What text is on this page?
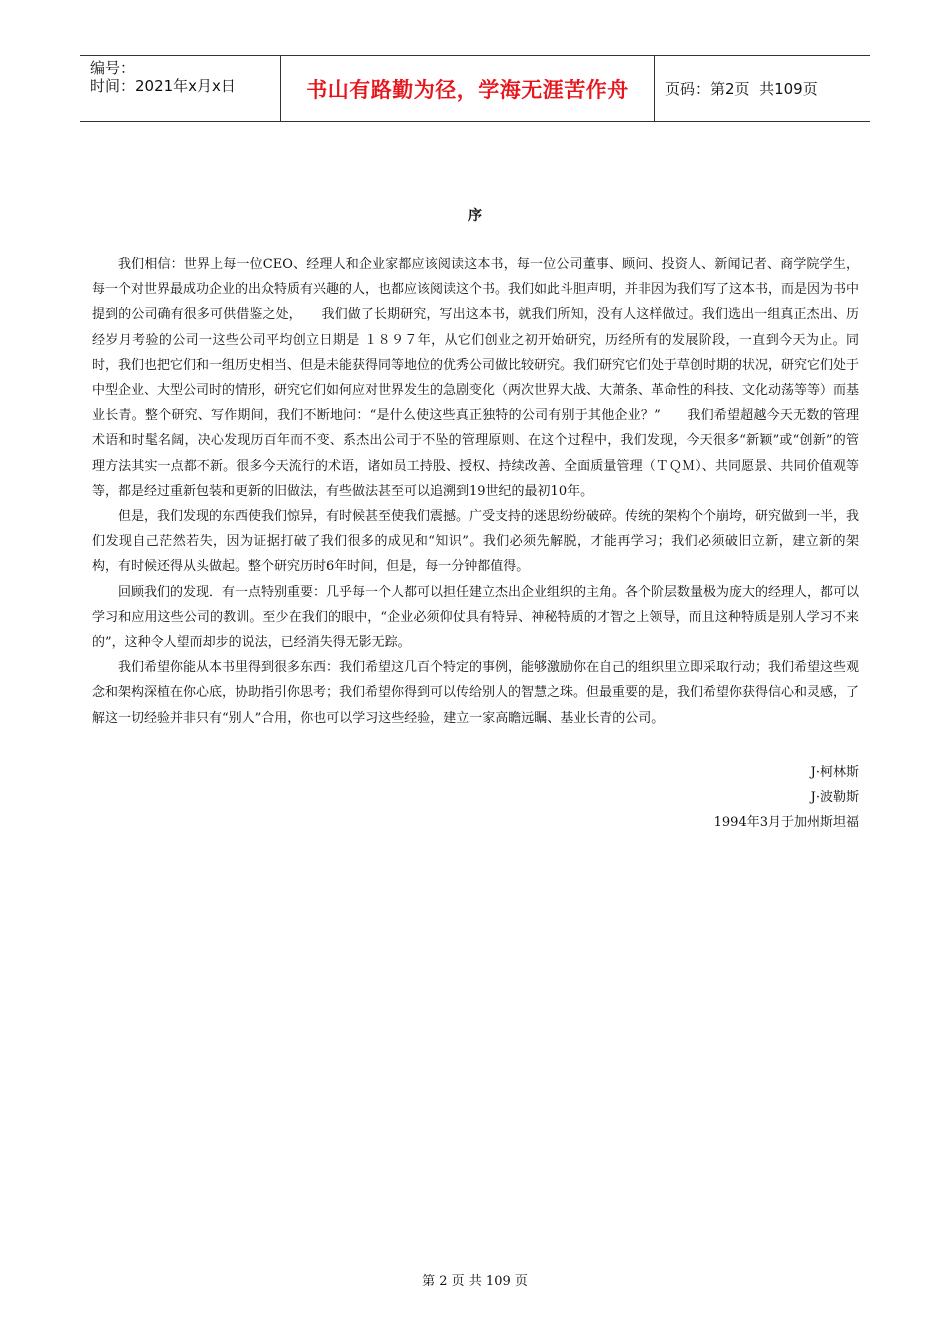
编号：
时间：2021年x月x日	书山有路勤为径，学海无涯苦作舟 页码：第2页  共109页
序

我们相信：世界上每一位CEO、经理人和企业家都应该阅读这本书，每一位公司董事、顾问、投资人、新闻记者、商学院学生，每一个对世界最成功企业的出众特质有兴趣的人，也都应该阅读这个书。我们如此斗胆声明，并非因为我们写了这本书，而是因为书中提到的公司确有很多可供借鉴之处，　　我们做了长期研究，写出这本书，就我们所知，没有人这样做过。我们选出一组真正杰出、历经岁月考验的公司一这些公司平均创立日期是 １８９７年，从它们创业之初开始研究，历经所有的发展阶段，一直到今天为止。同时，我们也把它们和一组历史相当、但是未能获得同等地位的优秀公司做比较研究。我们研究它们处于草创时期的状况，研究它们处于中型企业、大型公司时的情形，研究它们如何应对世界发生的急剧变化（两次世界大战、大萧条、革命性的科技、文化动荡等等）而基业长青。整个研究、写作期间，我们不断地问：“是什么使这些真正独特的公司有别于其他企业？”　　我们希望超越今天无数的管理术语和时髦名阔，决心发现历百年而不变、系杰出公司于不坠的管理原则、在这个过程中，我们发现，今天很多“新颖”或“创新”的管理方法其实一点都不新。很多今天流行的术语，诸如员工持股、授权、持续改善、全面质量管理（ＴＱＭ）、共同愿景、共同价值观等等，都是经过重新包装和更新的旧做法，有些做法甚至可以追溯到19世纪的最初10年。

但是，我们发现的东西使我们惊异，有时候甚至使我们震撼。广受支持的迷思纷纷破碎。传统的架构个个崩垮，研究做到一半，我们发现自己茫然若失，因为证据打破了我们很多的成见和“知识”。我们必须先解脱，才能再学习；我们必须破旧立新，建立新的架构，有时候还得从头做起。整个研究历时6年时间，但是，每一分钟都值得。

回顾我们的发现．有一点特别重要：几乎每一个人都可以担任建立杰出企业组织的主角。各个阶层数量极为庞大的经理人，都可以学习和应用这些公司的教训。至少在我们的眼中，“企业必须仰仗具有特异、神秘特质的才智之上领导，而且这种特质是别人学习不来的”，这种令人望而却步的说法，已经消失得无影无踪。

我们希望你能从本书里得到很多东西：我们希望这几百个特定的事例，能够激励你在自己的组织里立即采取行动；我们希望这些观念和架构深植在你心底，协助指引你思考；我们希望你得到可以传给别人的智慧之珠。但最重要的是，我们希望你获得信心和灵感，了解这一切经验并非只有“别人”合用，你也可以学习这些经验，建立一家高瞻远瞩、基业长青的公司。

J·柯林斯
J·波勒斯
1994年3月于加州斯坦福
第 2 页 共 109 页
